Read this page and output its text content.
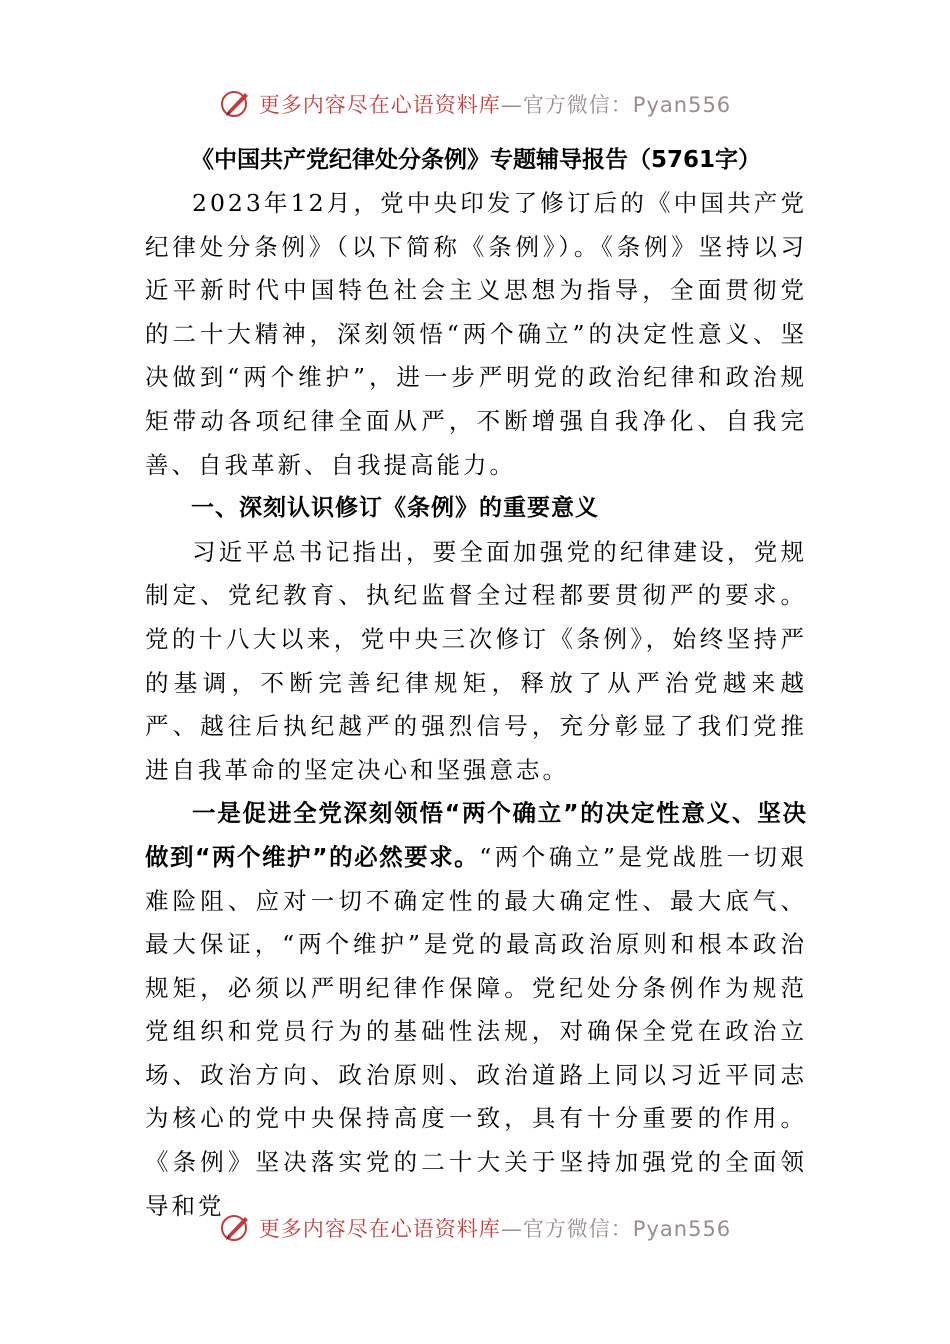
更多内容尽在心语资料库—官方微信：Pyan556
《中国共产党纪律处分条例》专题辅导报告（5761字）

2023年12月，党中央印发了修订后的《中国共产党纪律处分条例》（以下简称《条例》）。《条例》坚持以习近平新时代中国特色社会主义思想为指导，全面贯彻党的二十大精神，深刻领悟“两个确立”的决定性意义、坚决做到“两个维护”，进一步严明党的政治纪律和政治规矩带动各项纪律全面从严，不断增强自我净化、自我完善、自我革新、自我提高能力。

一、深刻认识修订《条例》的重要意义

习近平总书记指出，要全面加强党的纪律建设，党规制定、党纪教育、执纪监督全过程都要贯彻严的要求。党的十八大以来，党中央三次修订《条例》，始终坚持严的基调，不断完善纪律规矩，释放了从严治党越来越严、越往后执纪越严的强烈信号，充分彰显了我们党推进自我革命的坚定决心和坚强意志。

一是促进全党深刻领悟“两个确立”的决定性意义、坚决做到“两个维护”的必然要求。“两个确立”是党战胜一切艰难险阻、应对一切不确定性的最大确定性、最大底气、最大保证，“两个维护”是党的最高政治原则和根本政治规矩，必须以严明纪律作保障。党纪处分条例作为规范党组织和党员行为的基础性法规，对确保全党在政治立场、政治方向、政治原则、政治道路上同以习近平同志为核心的党中央保持高度一致，具有十分重要的作用。《条例》坚决落实党的二十大关于坚持加强党的全面领导和党

更多内容尽在心语资料库—官方微信：Pyan556
